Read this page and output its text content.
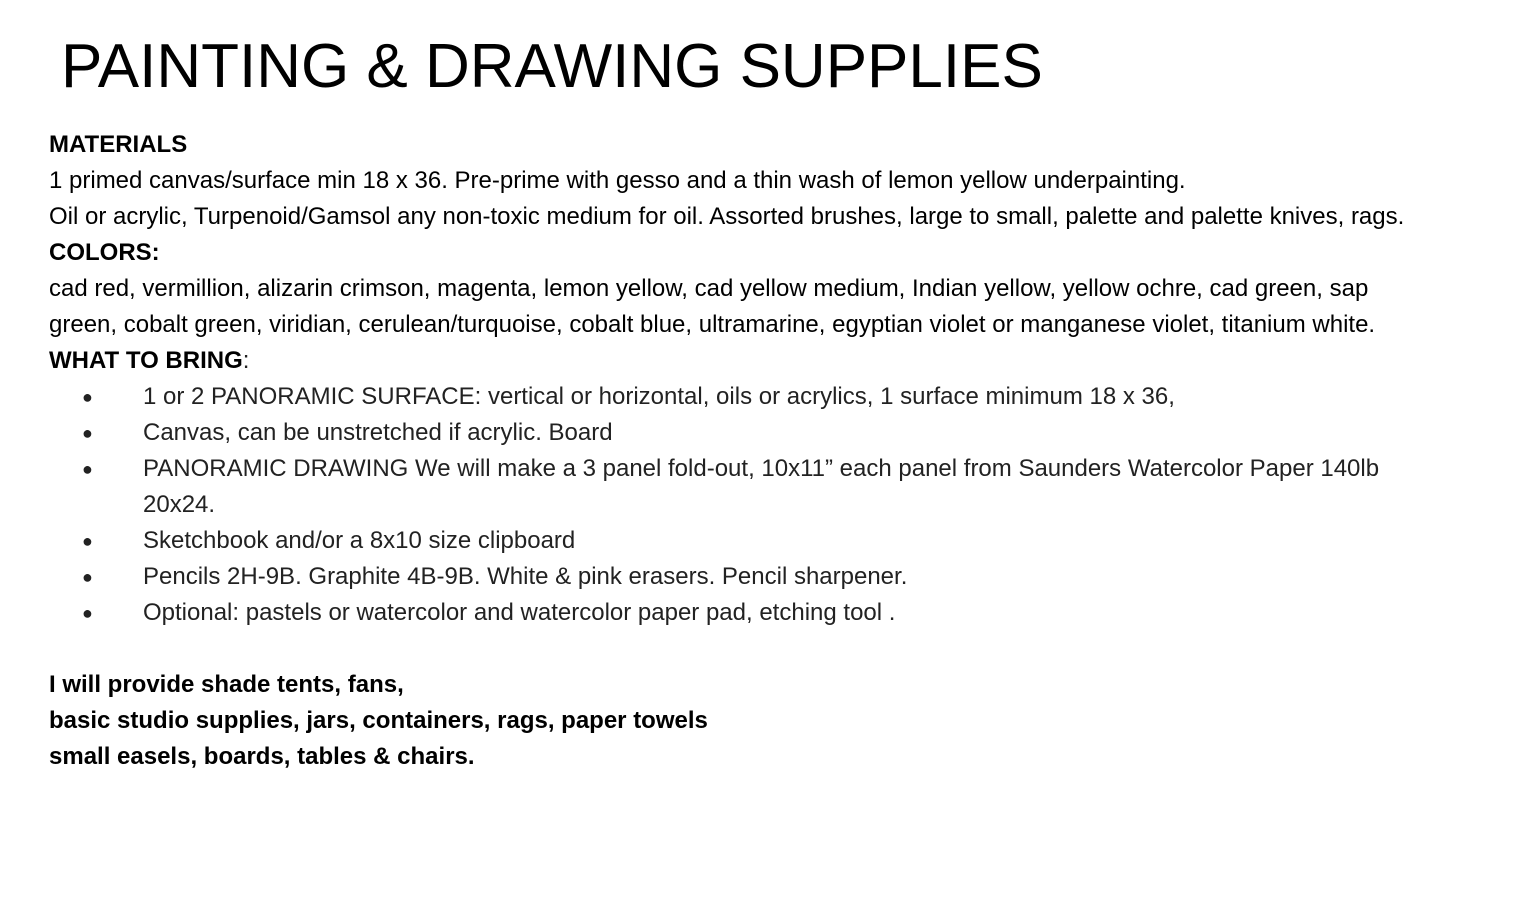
PAINTING & DRAWING SUPPLIES

MATERIALS

1 primed canvas/surface min 18 x 36. Pre-prime with gesso and a thin wash of lemon yellow underpainting.

Oil or acrylic, Turpenoid/Gamsol any non-toxic medium for oil. Assorted brushes, large to small, palette and palette knives, rags.

COLORS:

cad red, vermillion, alizarin crimson, magenta, lemon yellow, cad yellow medium, Indian yellow, yellow ochre, cad green, sap green, cobalt green, viridian, cerulean/turquoise, cobalt blue, ultramarine, egyptian violet or manganese violet, titanium white.

WHAT TO BRING:

● 1 or 2 PANORAMIC SURFACE: vertical or horizontal, oils or acrylics, 1 surface minimum 18 x 36,
● Canvas, can be unstretched if acrylic. Board
● PANORAMIC DRAWING We will make a 3 panel fold-out, 10x11” each panel from Saunders Watercolor Paper 140lb 20x24.
● Sketchbook and/or a 8x10 size clipboard
● Pencils 2H-9B. Graphite 4B-9B. White & pink erasers. Pencil sharpener.
● Optional: pastels or watercolor and watercolor paper pad, etching tool .

I will provide shade tents, fans,

basic studio supplies, jars, containers, rags, paper towels

small easels, boards, tables & chairs.
